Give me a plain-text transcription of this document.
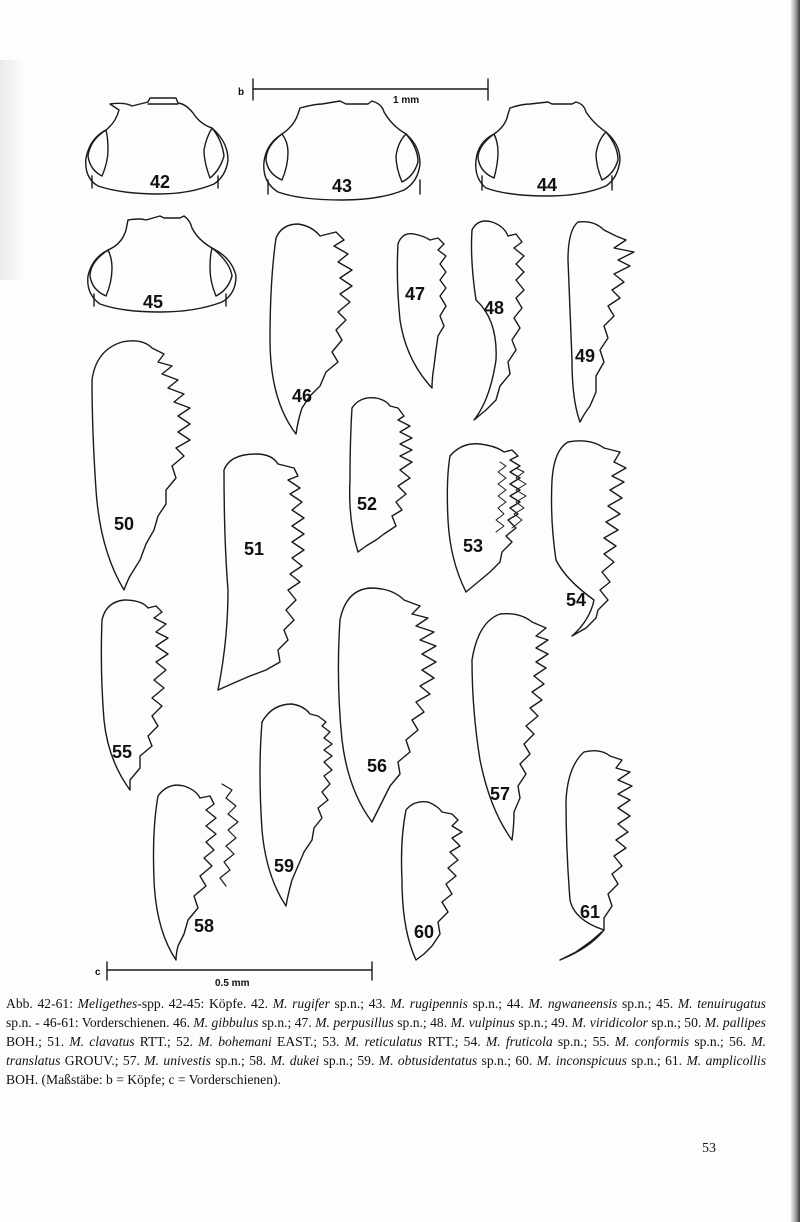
b
1 mm
c
0.5 mm
42	43	44
45
46
47
48
49
50
51
52
53
54
55
56
57
58
59
60
61
Abb. 42-61: Meligethes-spp. 42-45: Köpfe. 42. M. rugifer sp.n.; 43. M. rugipennis sp.n.; 44. M. ngwaneensis sp.n.; 45. M. tenuirugatus sp.n. - 46-61: Vorderschienen. 46. M. gibbulus sp.n.; 47. M. perpusillus sp.n.; 48. M. vulpinus sp.n.; 49. M. viridicolor sp.n.; 50. M. pallipes BOH.; 51. M. clavatus RTT.; 52. M. bohemani EAST.; 53. M. reticulatus RTT.; 54. M. fruticola sp.n.; 55. M. conformis sp.n.; 56. M. translatus GROUV.; 57. M. univestis sp.n.; 58. M. dukei sp.n.; 59. M. obtusidentatus sp.n.; 60. M. inconspicuus sp.n.; 61. M. amplicollis BOH. (Maßstäbe: b = Köpfe; c = Vorderschienen).
53
